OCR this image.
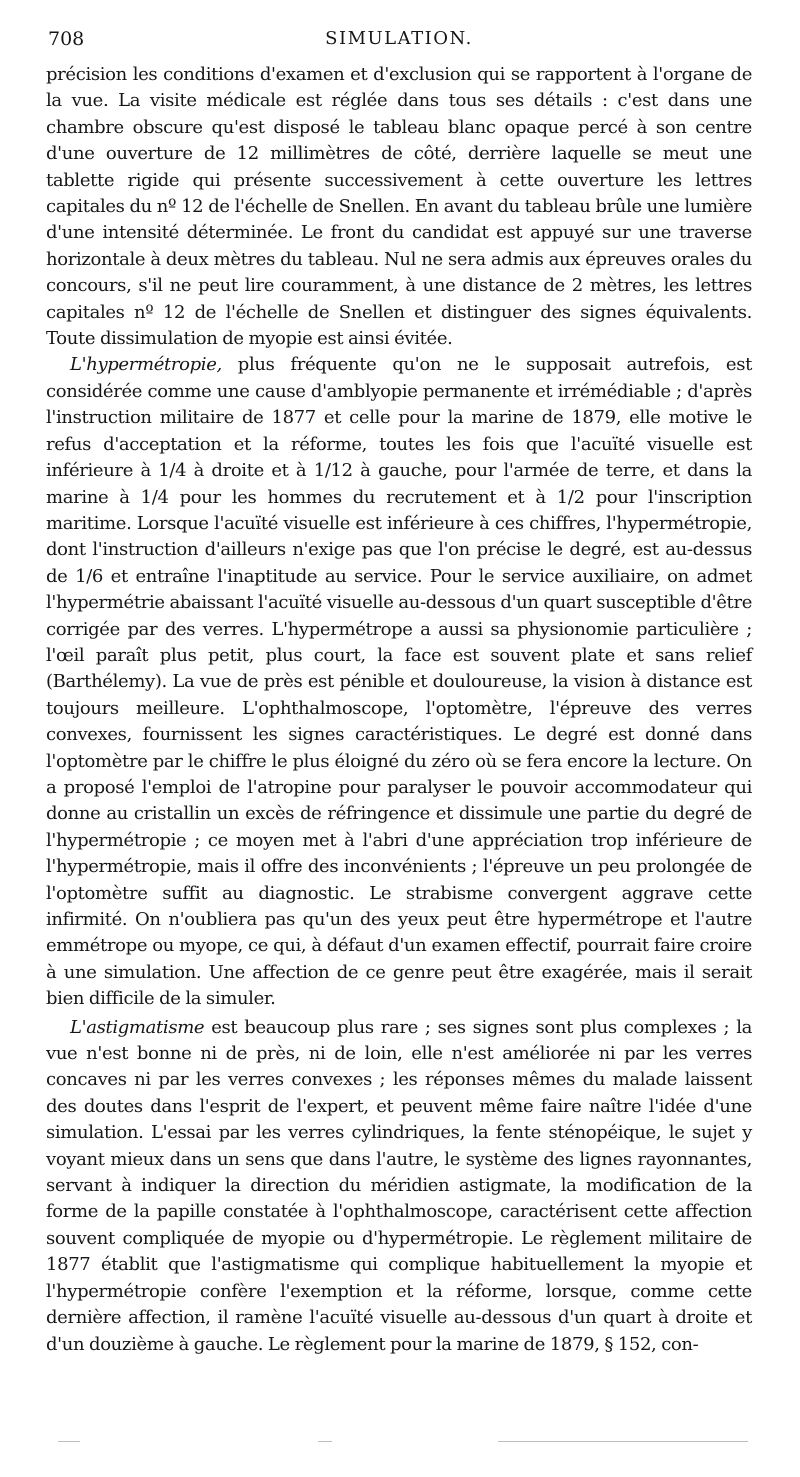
708	SIMULATION.

précision les conditions d'examen et d'exclusion qui se rapportent à l'organe de la vue. La visite médicale est réglée dans tous ses détails : c'est dans une chambre obscure qu'est disposé le tableau blanc opaque percé à son centre d'une ouverture de 12 millimètres de côté, derrière laquelle se meut une tablette rigide qui présente successivement à cette ouverture les lettres capitales du nº 12 de l'échelle de Snellen. En avant du tableau brûle une lumière d'une intensité déterminée. Le front du candidat est appuyé sur une traverse horizontale à deux mètres du tableau. Nul ne sera admis aux épreuves orales du concours, s'il ne peut lire couramment, à une distance de 2 mètres, les lettres capitales nº 12 de l'échelle de Snellen et distinguer des signes équivalents. Toute dissimulation de myopie est ainsi évitée.

L'hypermétropie, plus fréquente qu'on ne le supposait autrefois, est considérée comme une cause d'amblyopie permanente et irrémédiable ; d'après l'instruction militaire de 1877 et celle pour la marine de 1879, elle motive le refus d'acceptation et la réforme, toutes les fois que l'acuïté visuelle est inférieure à 1/4 à droite et à 1/12 à gauche, pour l'armée de terre, et dans la marine à 1/4 pour les hommes du recrutement et à 1/2 pour l'inscription maritime. Lorsque l'acuïté visuelle est inférieure à ces chiffres, l'hypermétropie, dont l'instruction d'ailleurs n'exige pas que l'on précise le degré, est au-dessus de 1/6 et entraîne l'inaptitude au service. Pour le service auxiliaire, on admet l'hypermétrie abaissant l'acuïté visuelle au-dessous d'un quart susceptible d'être corrigée par des verres. L'hypermétrope a aussi sa physionomie particulière ; l'œil paraît plus petit, plus court, la face est souvent plate et sans relief (Barthélemy). La vue de près est pénible et douloureuse, la vision à distance est toujours meilleure. L'ophthalmoscope, l'optomètre, l'épreuve des verres convexes, fournissent les signes caractéristiques. Le degré est donné dans l'optomètre par le chiffre le plus éloigné du zéro où se fera encore la lecture. On a proposé l'emploi de l'atropine pour paralyser le pouvoir accommodateur qui donne au cristallin un excès de réfringence et dissimule une partie du degré de l'hypermétropie ; ce moyen met à l'abri d'une appréciation trop inférieure de l'hypermétropie, mais il offre des inconvénients ; l'épreuve un peu prolongée de l'optomètre suffit au diagnostic. Le strabisme convergent aggrave cette infirmité. On n'oubliera pas qu'un des yeux peut être hypermétrope et l'autre emmétrope ou myope, ce qui, à défaut d'un examen effectif, pourrait faire croire à une simulation. Une affection de ce genre peut être exagérée, mais il serait bien difficile de la simuler.

L'astigmatisme est beaucoup plus rare ; ses signes sont plus complexes ; la vue n'est bonne ni de près, ni de loin, elle n'est améliorée ni par les verres concaves ni par les verres convexes ; les réponses mêmes du malade laissent des doutes dans l'esprit de l'expert, et peuvent même faire naître l'idée d'une simulation. L'essai par les verres cylindriques, la fente sténopéique, le sujet y voyant mieux dans un sens que dans l'autre, le système des lignes rayonnantes, servant à indiquer la direction du méridien astigmate, la modification de la forme de la papille constatée à l'ophthalmoscope, caractérisent cette affection souvent compliquée de myopie ou d'hypermétropie. Le règlement militaire de 1877 établit que l'astigmatisme qui complique habituellement la myopie et l'hypermétropie confère l'exemption et la réforme, lorsque, comme cette dernière affection, il ramène l'acuïté visuelle au-dessous d'un quart à droite et d'un douzième à gauche. Le règlement pour la marine de 1879, § 152, con-
